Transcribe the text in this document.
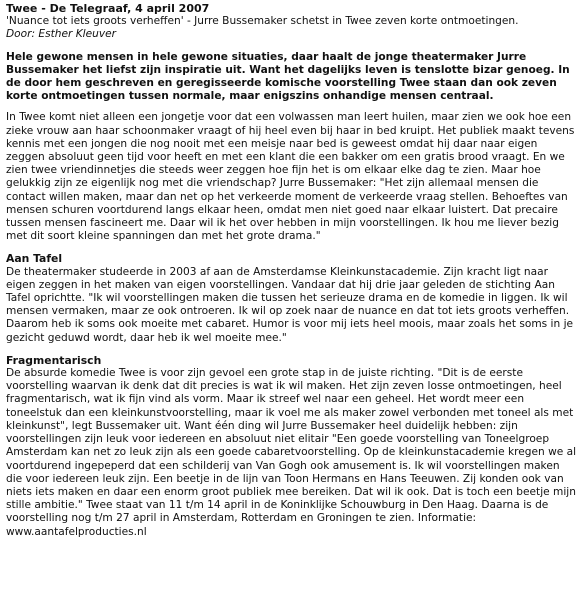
Twee - De Telegraaf, 4 april 2007

'Nuance tot iets groots verheffen' - Jurre Bussemaker schetst in Twee zeven korte ontmoetingen.

Door: Esther Kleuver

Hele gewone mensen in hele gewone situaties, daar haalt de jonge theatermaker Jurre Bussemaker het liefst zijn inspiratie uit. Want het dagelijks leven is tenslotte bizar genoeg. In de door hem geschreven en geregisseerde komische voorstelling Twee staan dan ook zeven korte ontmoetingen tussen normale, maar enigszins onhandige mensen centraal.

In Twee komt niet alleen een jongetje voor dat een volwassen man leert huilen, maar zien we ook hoe een zieke vrouw aan haar schoonmaker vraagt of hij heel even bij haar in bed kruipt. Het publiek maakt tevens kennis met een jongen die nog nooit met een meisje naar bed is geweest omdat hij daar naar eigen zeggen absoluut geen tijd voor heeft en met een klant die een bakker om een gratis brood vraagt. En we zien twee vriendinnetjes die steeds weer zeggen hoe fijn het is om elkaar elke dag te zien. Maar hoe gelukkig zijn ze eigenlijk nog met die vriendschap? Jurre Bussemaker: "Het zijn allemaal mensen die contact willen maken, maar dan net op het verkeerde moment de verkeerde vraag stellen. Behoeftes van mensen schuren voortdurend langs elkaar heen, omdat men niet goed naar elkaar luistert. Dat precaire tussen mensen fascineert me. Daar wil ik het over hebben in mijn voorstellingen. Ik hou me liever bezig met dit soort kleine spanningen dan met het grote drama."

Aan Tafel

De theatermaker studeerde in 2003 af aan de Amsterdamse Kleinkunstacademie. Zijn kracht ligt naar eigen zeggen in het maken van eigen voorstellingen. Vandaar dat hij drie jaar geleden de stichting Aan Tafel oprichtte. "Ik wil voorstellingen maken die tussen het serieuze drama en de komedie in liggen. Ik wil mensen vermaken, maar ze ook ontroeren. Ik wil op zoek naar de nuance en dat tot iets groots verheffen. Daarom heb ik soms ook moeite met cabaret. Humor is voor mij iets heel moois, maar zoals het soms in je gezicht geduwd wordt, daar heb ik wel moeite mee."

Fragmentarisch

De absurde komedie Twee is voor zijn gevoel een grote stap in de juiste richting. "Dit is de eerste voorstelling waarvan ik denk dat dit precies is wat ik wil maken. Het zijn zeven losse ontmoetingen, heel fragmentarisch, wat ik fijn vind als vorm. Maar ik streef wel naar een geheel. Het wordt meer een toneelstuk dan een kleinkunstvoorstelling, maar ik voel me als maker zowel verbonden met toneel als met kleinkunst", legt Bussemaker uit. Want één ding wil Jurre Bussemaker heel duidelijk hebben: zijn voorstellingen zijn leuk voor iedereen en absoluut niet elitair "Een goede voorstelling van Toneelgroep Amsterdam kan net zo leuk zijn als een goede cabaretvoorstelling. Op de kleinkunstacademie kregen we al voortdurend ingepeperd dat een schilderij van Van Gogh ook amusement is. Ik wil voorstellingen maken die voor iedereen leuk zijn. Een beetje in de lijn van Toon Hermans en Hans Teeuwen. Zij konden ook van niets iets maken en daar een enorm groot publiek mee bereiken. Dat wil ik ook. Dat is toch een beetje mijn stille ambitie." Twee staat van 11 t/m 14 april in de Koninklijke Schouwburg in Den Haag. Daarna is de voorstelling nog t/m 27 april in Amsterdam, Rotterdam en Groningen te zien. Informatie: www.aantafelproducties.nl
